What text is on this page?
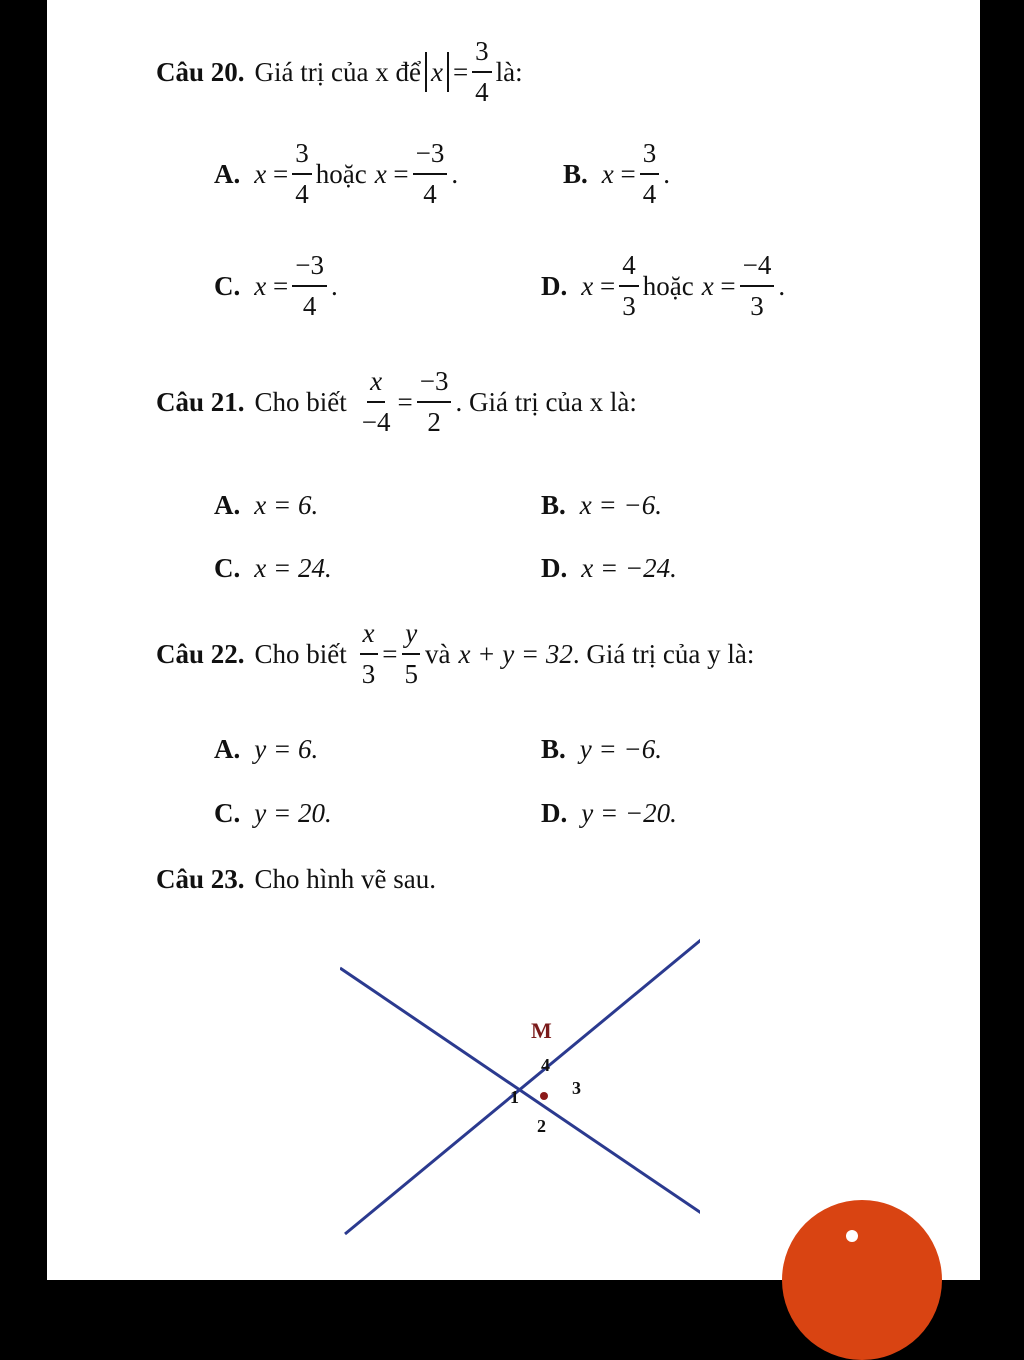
Câu 20. Giá trị của x để $x = \frac{3}{4}$ là:
A. $x = \frac{3}{4}$ hoặc $x = \frac{-3}{4}$ .	B. $x = \frac{3}{4}$ .
C. $x = \frac{-3}{4}$ .	D. $x = \frac{4}{3}$ hoặc $x = \frac{-4}{3}$ .
Câu 21. Cho biết $\frac{x}{-4} = \frac{-3}{2}$ . Giá trị của x là:
A. x = 6.	B. x = −6.
C. x = 24.	D. x = −24.
Câu 22. Cho biết $\frac{x}{3} = \frac{y}{5}$ và x + y = 32 . Giá trị của y là:
A. y = 6.	B. y = −6.
C. y = 20.	D. y = −20.
Câu 23. Cho hình vẽ sau.
M
1
2
3
4
